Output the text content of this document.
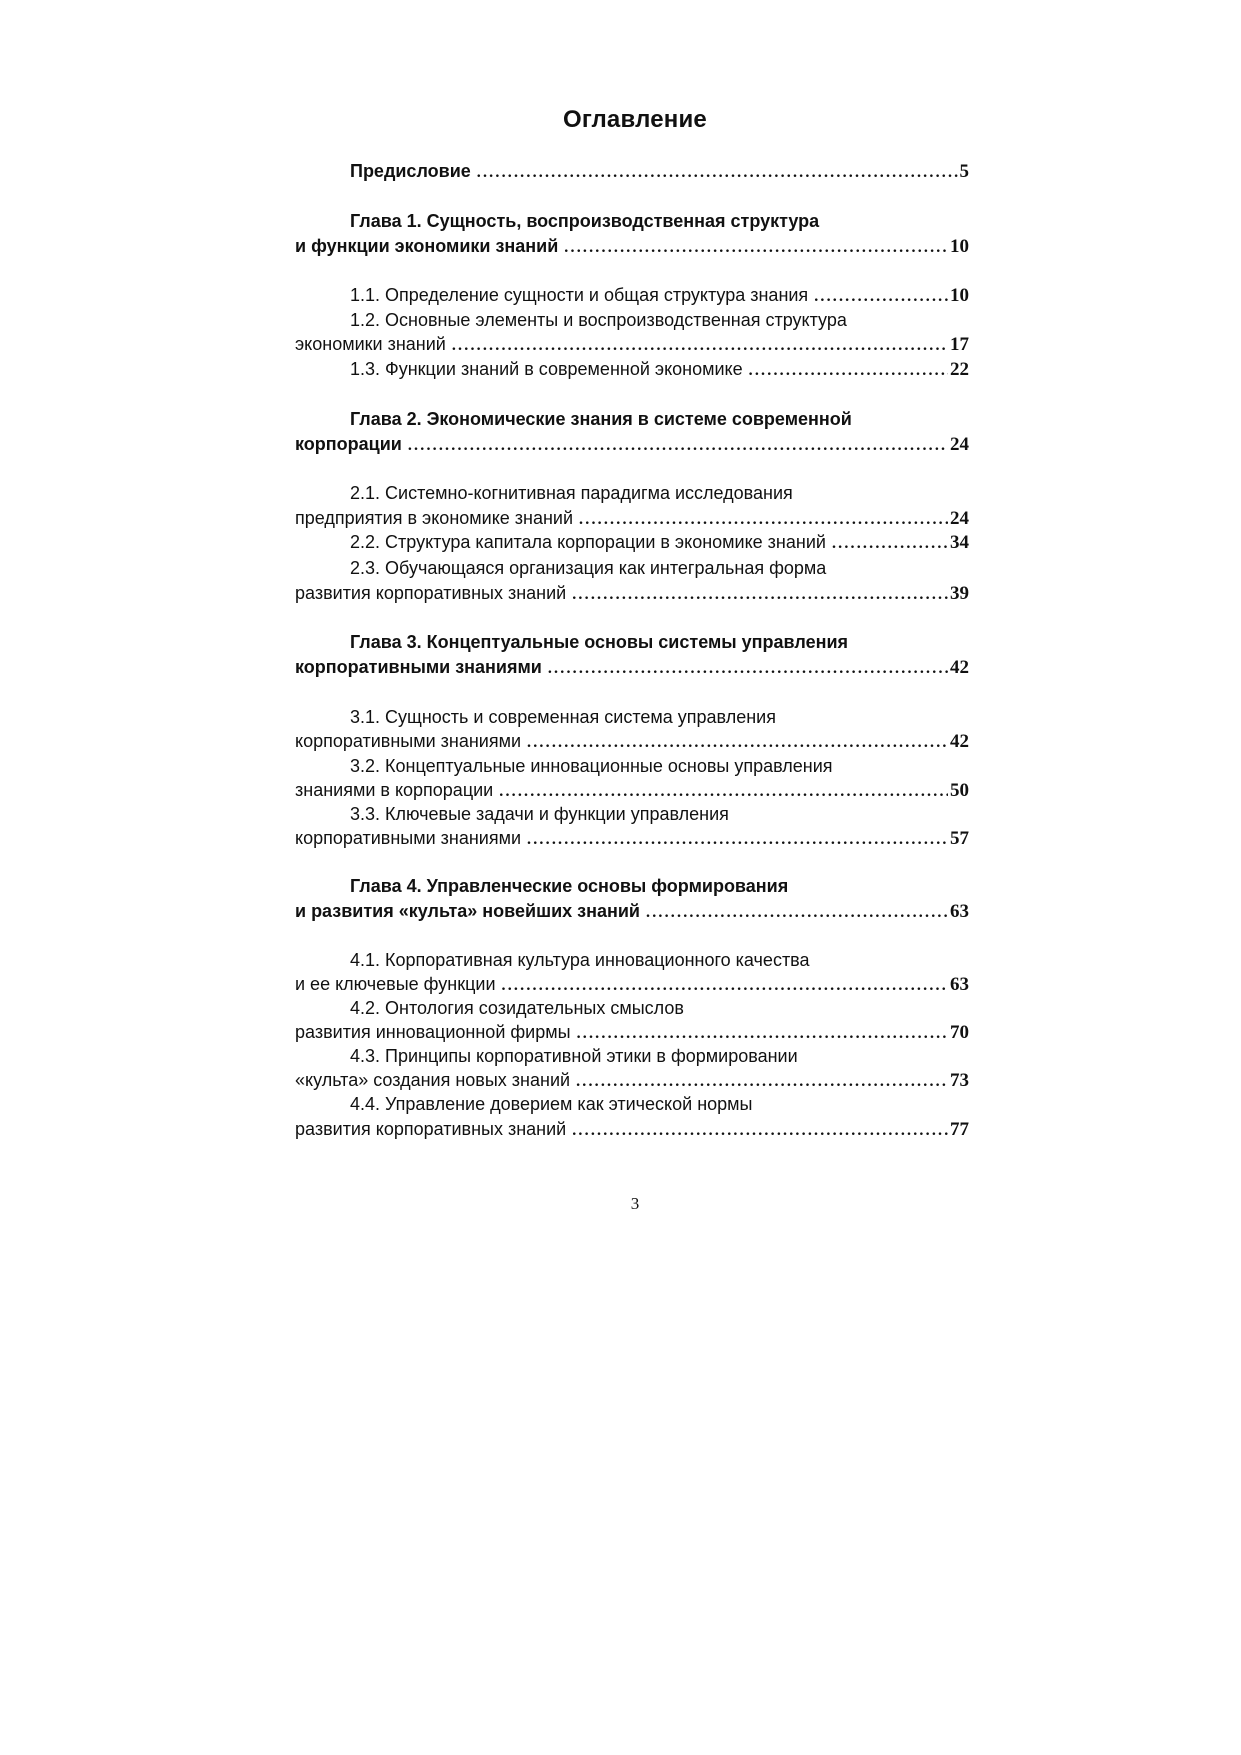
Оглавление
Предисловие .....	5
Глава 1. Сущность, воспроизводственная структура
и функции экономики знаний .....	10
1.1. Определение сущности и общая структура знания .....	10
1.2. Основные элементы и воспроизводственная структура
экономики знаний .....	17
1.3. Функции знаний в современной экономике .....	22
Глава 2. Экономические знания в системе современной
корпорации .....	24
2.1. Системно-когнитивная парадигма исследования
предприятия в экономике знаний .....	24
2.2. Структура капитала корпорации в экономике знаний .....	34
2.3. Обучающаяся организация как интегральная форма
развития корпоративных знаний .....	39
Глава 3. Концептуальные основы системы управления
корпоративными знаниями .....	42
3.1. Сущность и современная система управления
корпоративными знаниями .....	42
3.2. Концептуальные инновационные основы управления
знаниями в корпорации .....	50
3.3. Ключевые задачи и функции управления
корпоративными знаниями .....	57
Глава 4. Управленческие основы формирования
и развития «культа» новейших знаний .....	63
4.1. Корпоративная культура инновационного качества
и ее ключевые функции .....	63
4.2. Онтология созидательных смыслов
развития инновационной фирмы .....	70
4.3. Принципы корпоративной этики в формировании
«культа» создания новых знаний .....	73
4.4. Управление доверием как этической нормы
развития корпоративных знаний .....	77
3
